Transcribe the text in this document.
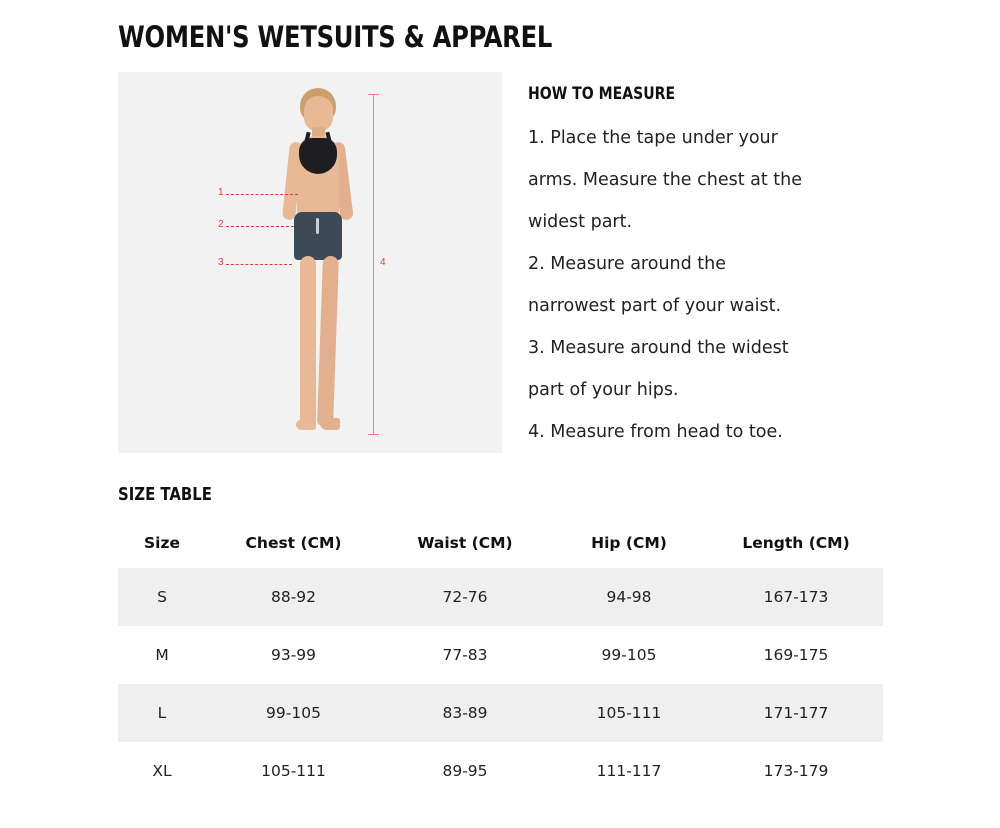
WOMEN'S WETSUITS & APPAREL
1
2
3	4
HOW TO MEASURE

1. Place the tape under your

arms. Measure the chest at the

widest part.

2. Measure around the

narrowest part of your waist.

3. Measure around the widest

part of your hips.

4. Measure from head to toe.

SIZE TABLE
Size	Chest (CM)	Waist (CM)	Hip (CM)	Length (CM)
S	88-92	72-76	94-98	167-173
M	93-99	77-83	99-105	169-175
L	99-105	83-89	105-111	171-177
XL	105-111	89-95	111-117	173-179
